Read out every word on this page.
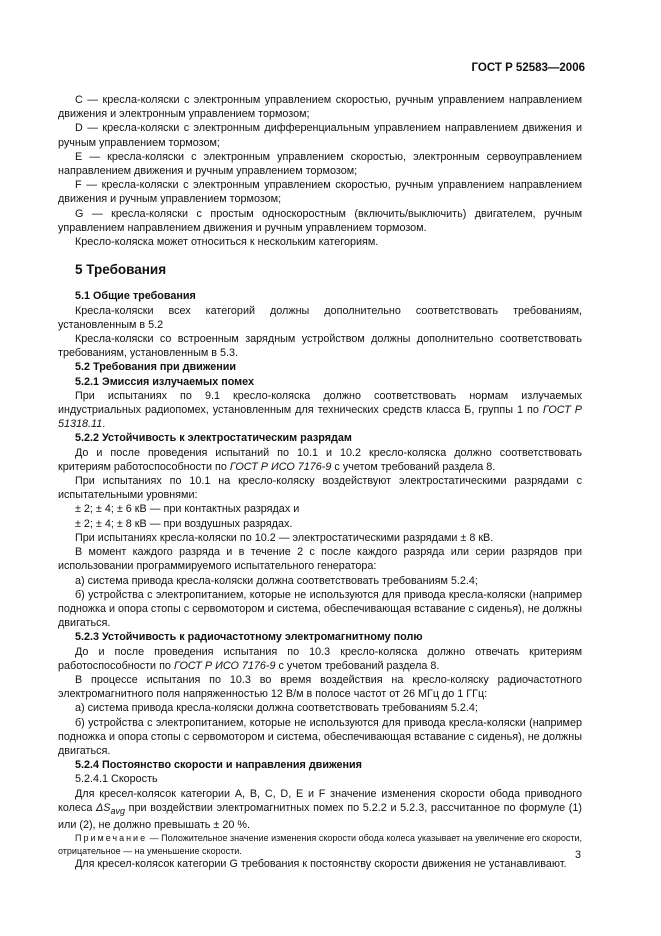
ГОСТ Р 52583—2006

C — кресла-коляски с электронным управлением скоростью, ручным управлением направлением движения и электронным управлением тормозом;

D — кресла-коляски с электронным дифференциальным управлением направлением движения и ручным управлением тормозом;

E — кресла-коляски с электронным управлением скоростью, электронным сервоуправлением направлением движения и ручным управлением тормозом;

F — кресла-коляски с электронным управлением скоростью, ручным управлением направлением движения и ручным управлением тормозом;

G — кресла-коляски с простым односкоростным (включить/выключить) двигателем, ручным управлением направлением движения и ручным управлением тормозом.

Кресло-коляска может относиться к нескольким категориям.

5 Требования

5.1 Общие требования

Кресла-коляски всех категорий должны дополнительно соответствовать требованиям, установленным в 5.2

Кресла-коляски со встроенным зарядным устройством должны дополнительно соответствовать требованиям, установленным в 5.3.

5.2 Требования при движении

5.2.1 Эмиссия излучаемых помех

При испытаниях по 9.1 кресло-коляска должно соответствовать нормам излучаемых индустриальных радиопомех, установленным для технических средств класса Б, группы 1 по ГОСТ Р 51318.11.

5.2.2 Устойчивость к электростатическим разрядам

До и после проведения испытаний по 10.1 и 10.2 кресло-коляска должно соответствовать критериям работоспособности по ГОСТ Р ИСО 7176-9 с учетом требований раздела 8.

При испытаниях по 10.1 на кресло-коляску воздействуют электростатическими разрядами с испытательными уровнями:

± 2; ± 4; ± 6 кВ — при контактных разрядах и

± 2; ± 4; ± 8 кВ — при воздушных разрядах.

При испытаниях кресла-коляски по 10.2 — электростатическими разрядами ± 8 кВ.

В момент каждого разряда и в течение 2 с после каждого разряда или серии разрядов при использовании программируемого испытательного генератора:

а) система привода кресла-коляски должна соответствовать требованиям 5.2.4;

б) устройства с электропитанием, которые не используются для привода кресла-коляски (например подножка и опора стопы с сервомотором и система, обеспечивающая вставание с сиденья), не должны двигаться.

5.2.3 Устойчивость к радиочастотному электромагнитному полю

До и после проведения испытания по 10.3 кресло-коляска должно отвечать критериям работоспособности по ГОСТ Р ИСО 7176-9 с учетом требований раздела 8.

В процессе испытания по 10.3 во время воздействия на кресло-коляску радиочастотного электромагнитного поля напряженностью 12 В/м в полосе частот от 26 МГц до 1 ГГц:

а) система привода кресла-коляски должна соответствовать требованиям 5.2.4;

б) устройства с электропитанием, которые не используются для привода кресла-коляски (например подножка и опора стопы с сервомотором и система, обеспечивающая вставание с сиденья), не должны двигаться.

5.2.4 Постоянство скорости и направления движения

5.2.4.1 Скорость

Для кресел-колясок категории A, B, C, D, E и F значение изменения скорости обода приводного колеса $\Delta S_{avg}$ при воздействии электромагнитных помех по 5.2.2 и 5.2.3, рассчитанное по формуле (1) или (2), не должно превышать ± 20 %.

Примечание — Положительное значение изменения скорости обода колеса указывает на увеличение его скорости, отрицательное — на уменьшение скорости.

Для кресел-колясок категории G требования к постоянству скорости движения не устанавливают.

3
